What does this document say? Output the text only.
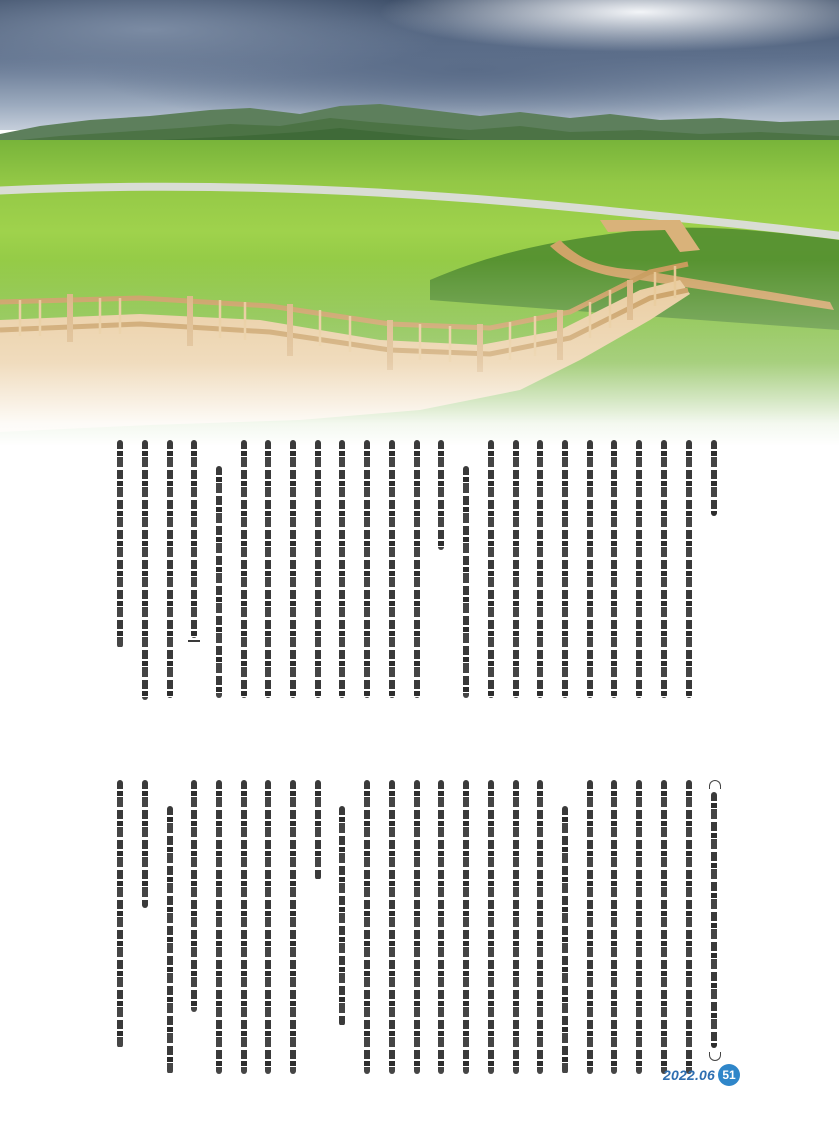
2022.06 51
